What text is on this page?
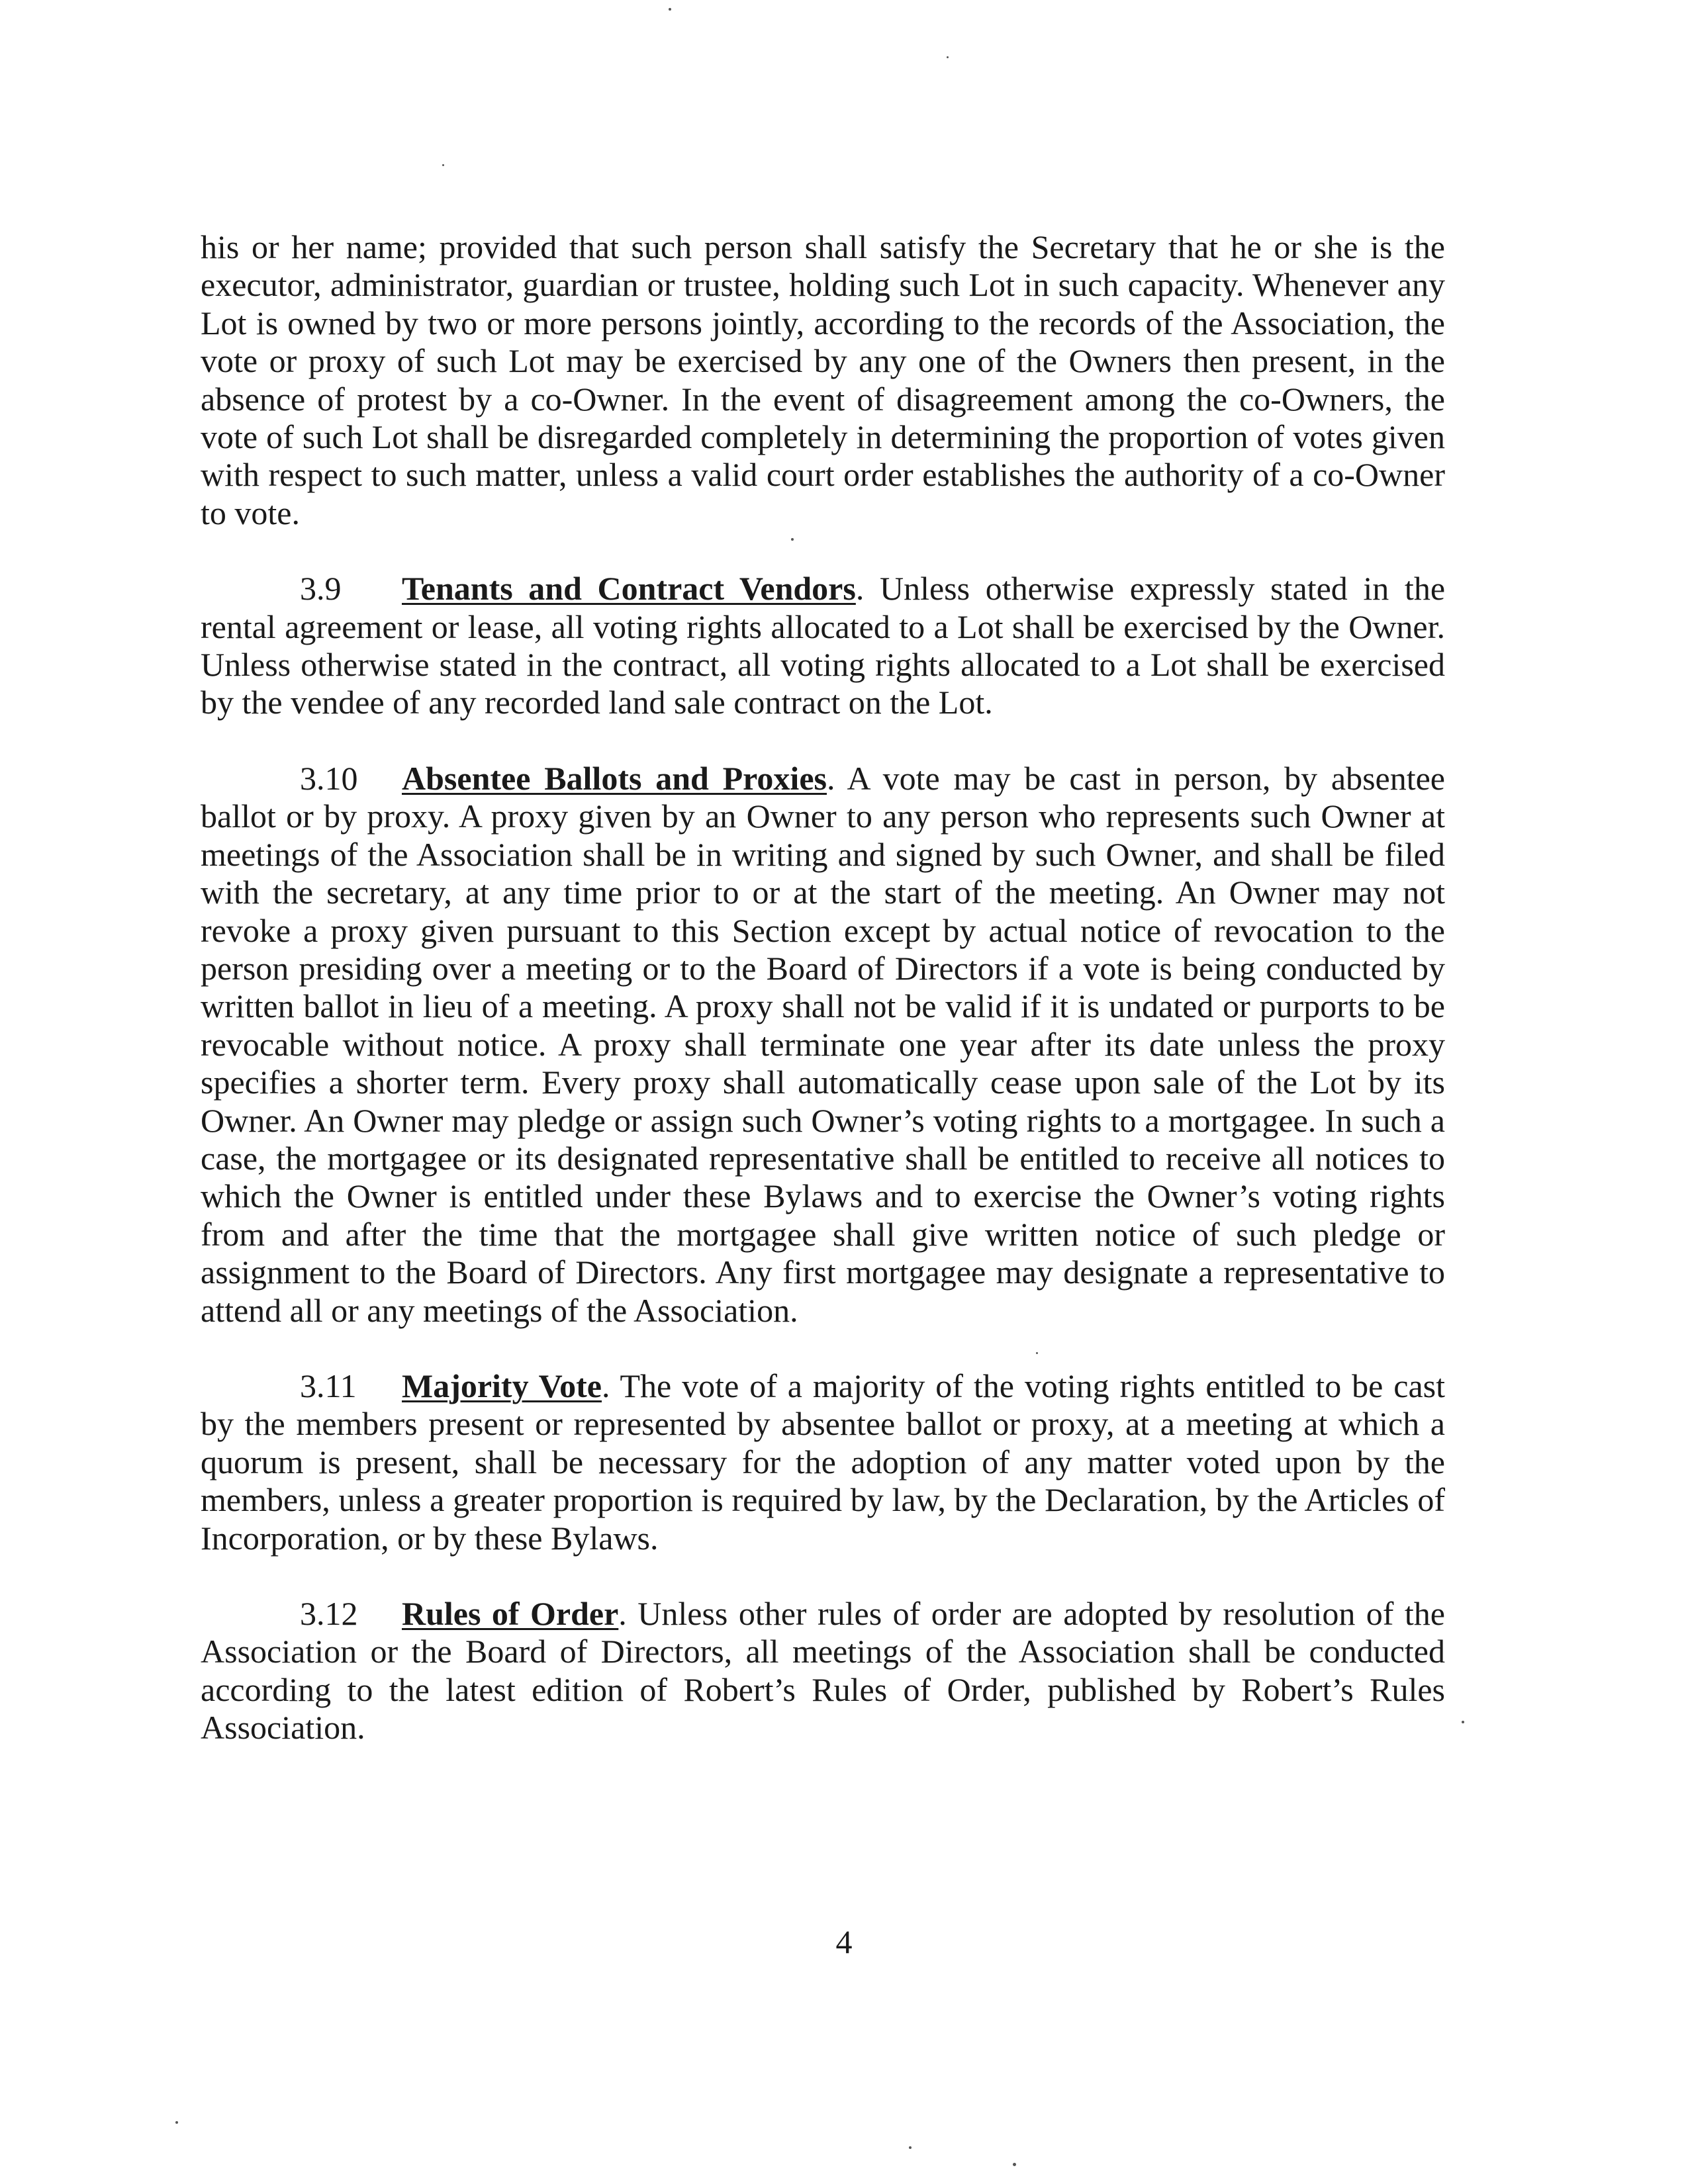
his or her name; provided that such person shall satisfy the Secretary that he or she is the executor, administrator, guardian or trustee, holding such Lot in such capacity. Whenever any Lot is owned by two or more persons jointly, according to the records of the Association, the vote or proxy of such Lot may be exercised by any one of the Owners then present, in the absence of protest by a co-Owner. In the event of disagreement among the co-Owners, the vote of such Lot shall be disregarded completely in determining the proportion of votes given with respect to such matter, unless a valid court order establishes the authority of a co-Owner to vote.

3.9 Tenants and Contract Vendors. Unless otherwise expressly stated in the rental agreement or lease, all voting rights allocated to a Lot shall be exercised by the Owner. Unless otherwise stated in the contract, all voting rights allocated to a Lot shall be exercised by the vendee of any recorded land sale contract on the Lot.

3.10 Absentee Ballots and Proxies. A vote may be cast in person, by absentee ballot or by proxy. A proxy given by an Owner to any person who represents such Owner at meetings of the Association shall be in writing and signed by such Owner, and shall be filed with the secretary, at any time prior to or at the start of the meeting. An Owner may not revoke a proxy given pursuant to this Section except by actual notice of revocation to the person presiding over a meeting or to the Board of Directors if a vote is being conducted by written ballot in lieu of a meeting. A proxy shall not be valid if it is undated or purports to be revocable without notice. A proxy shall terminate one year after its date unless the proxy specifies a shorter term. Every proxy shall automatically cease upon sale of the Lot by its Owner. An Owner may pledge or assign such Owner’s voting rights to a mortgagee. In such a case, the mortgagee or its designated representative shall be entitled to receive all notices to which the Owner is entitled under these Bylaws and to exercise the Owner’s voting rights from and after the time that the mortgagee shall give written notice of such pledge or assignment to the Board of Directors. Any first mortgagee may designate a representative to attend all or any meetings of the Association.

3.11 Majority Vote. The vote of a majority of the voting rights entitled to be cast by the members present or represented by absentee ballot or proxy, at a meeting at which a quorum is present, shall be necessary for the adoption of any matter voted upon by the members, unless a greater proportion is required by law, by the Declaration, by the Articles of Incorporation, or by these Bylaws.

3.12 Rules of Order. Unless other rules of order are adopted by resolution of the Association or the Board of Directors, all meetings of the Association shall be conducted according to the latest edition of Robert’s Rules of Order, published by Robert’s Rules Association.

4
